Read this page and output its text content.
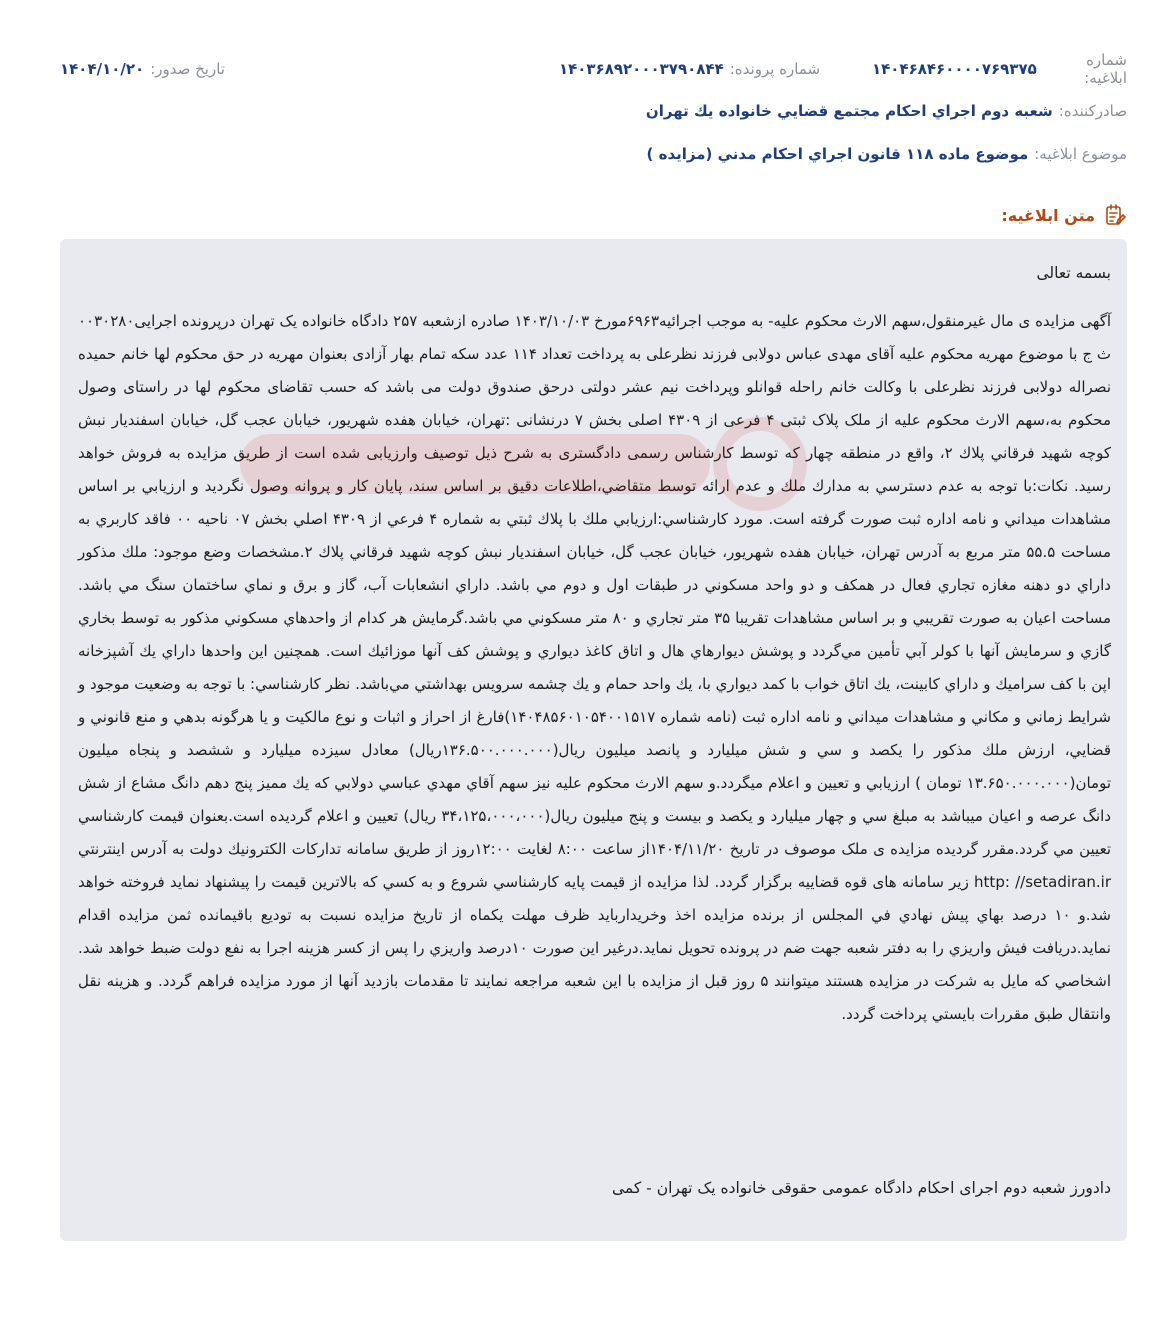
شماره ابلاغیه:
۱۴۰۴۶۸۴۶۰۰۰۰۷۶۹۳۷۵
شماره پرونده:
۱۴۰۳۶۸۹۲۰۰۰۳۷۹۰۸۴۴
تاریخ صدور:
۱۴۰۴/۱۰/۲۰
صادرکننده:
شعبه دوم اجراي احكام مجتمع قضايي خانواده يك تهران
موضوع ابلاغیه:
موضوع ماده ۱۱۸ قانون اجراي احكام مدني (مزايده )
متن ابلاغیه:

بسمه تعالی

آگهی مزایده ی مال غیرمنقول،سهم الارث محکوم علیه- به موجب اجرائیه۶۹۶۳مورخ ۱۴۰۳/۱۰/۰۳ صادره ازشعبه ۲۵۷ دادگاه خانواده یک تهران درپرونده اجرایی۰۰۳۰۲۸۰ ث ج با موضوع مهریه محکوم علیه آقای مهدی عباس دولابی فرزند نظرعلی به پرداخت تعداد ۱۱۴ عدد سکه تمام بهار آزادی بعنوان مهریه در حق محکوم لها خانم حمیده نصراله دولابی فرزند نظرعلی با وکالت خانم راحله قوانلو وپرداخت نیم عشر دولتی درحق صندوق دولت می باشد که حسب تقاضای محکوم لها در راستای وصول محکوم به،سهم الارث محکوم علیه از ملک پلاک ثبتی ۴ فرعی از ۴۳۰۹ اصلی بخش ۷ درنشانی :تهران، خيابان هفده شهريور، خيابان عجب گل، خيابان اسفنديار نبش كوچه شهيد فرقاني پلاك ۲، واقع در منطقه چهار که توسط کارشناس رسمی دادگستری به شرح ذیل توصیف وارزیابی شده است از طریق مزایده به فروش خواهد رسید. نكات:با توجه به عدم دسترسي به مدارك ملك و عدم ارائه توسط متقاضي،اطلاعات دقيق بر اساس سند، پايان كار و پروانه وصول نگرديد و ارزيابي بر اساس مشاهدات ميداني و نامه اداره ثبت صورت گرفته است. مورد كارشناسي:ارزيابي ملك با پلاك ثبتي به شماره ۴ فرعي از ۴۳۰۹ اصلي بخش ۰۷ ناحيه ۰۰ فاقد كاربري به مساحت ۵۵.۵ متر مربع به آدرس تهران، خيابان هفده شهريور، خيابان عجب گل، خيابان اسفنديار نبش كوچه شهيد فرقاني پلاك ۲.مشخصات وضع موجود: ملك مذكور داراي دو دهنه مغازه تجاري فعال در همكف و دو واحد مسكوني در طبقات اول و دوم مي باشد. داراي انشعابات آب، گاز و برق و نماي ساختمان سنگ مي باشد. مساحت اعيان به صورت تقريبي و بر اساس مشاهدات تقريبا ۳۵ متر تجاري و ۸۰ متر مسكوني مي باشد.گرمايش هر كدام از واحدهاي مسكوني مذكور به توسط بخاري گازي و سرمايش آنها با كولر آبي تأمين مي‌گردد و پوشش ديوارهاي هال و اتاق كاغذ ديواري و پوشش كف آنها موزائيك است. همچنين اين واحدها داراي يك آشپزخانه اپن با كف سراميك و داراي كابينت، يك اتاق خواب با كمد ديواري با، يك واحد حمام و يك چشمه سرويس بهداشتي مي‌باشد. نظر كارشناسي: با توجه به وضعيت موجود و شرايط زماني و مكاني و مشاهدات ميداني و نامه اداره ثبت (نامه شماره ۱۴۰۴۸۵۶۰۱۰۵۴۰۰۱۵۱۷)فارغ از احراز و اثبات و نوع مالكيت و يا هرگونه بدهي و منع قانوني و قضايي، ارزش ملك مذكور را يكصد و سي و شش ميليارد و پانصد ميليون ريال(۱۳۶.۵۰۰.۰۰۰.۰۰۰ريال) معادل سيزده ميليارد و ششصد و پنجاه ميليون تومان(۱۳.۶۵۰.۰۰۰.۰۰۰ تومان ) ارزيابي و تعيين و اعلام ميگردد.و سهم الارث محكوم عليه نيز سهم آقاي مهدي عباسي دولابي كه يك مميز پنج دهم دانگ مشاع از شش دانگ عرصه و اعيان ميباشد به مبلغ سي و چهار ميليارد و يكصد و بيست و پنج ميليون ريال(۳۴،۱۲۵،۰۰۰،۰۰۰ ريال) تعيين و اعلام گرديده است.بعنوان قيمت كارشناسي تعيين مي گردد.مقرر گرديده مزايده ی ملک موصوف در تاريخ ۱۴۰۴/۱۱/۲۰از ساعت ۸:۰۰ لغایت ۱۲:۰۰روز از طريق سامانه تداركات الكترونيك دولت به آدرس اينترنتي http: //setadiran.ir زير سامانه های قوه قضاییه برگزار گردد. لذا مزايده از قيمت پايه كارشناسي شروع و به كسي كه بالاترين قيمت را پيشنهاد نمايد فروخته خواهد شد.و ۱۰ درصد بهاي پيش نهادي في المجلس از برنده مزايده اخذ وخريداربايد ظرف مهلت يكماه از تاريخ مزايده نسبت به توديع باقيمانده ثمن مزايده اقدام نمايد.دريافت فيش واريزي را به دفتر شعبه جهت ضم در پرونده تحويل نمايد.درغير اين صورت ۱۰درصد واريزي را پس از كسر هزينه اجرا به نفع دولت ضبط خواهد شد. اشخاصي كه مايل به شركت در مزايده هستند ميتوانند ۵ روز قبل از مزايده با اين شعبه مراجعه نمايند تا مقدمات بازديد آنها از مورد مزايده فراهم گردد. و هزينه نقل وانتقال طبق مقررات بايستي پرداخت گردد.

دادورز شعبه دوم اجرای احکام دادگاه عمومی حقوقی خانواده یک تهران - کمی
